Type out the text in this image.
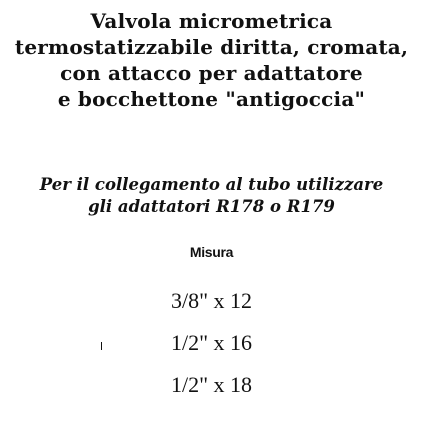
Valvola micrometrica
termostatizzabile diritta, cromata,
con attacco per adattatore
e bocchettone "antigoccia"
Per il collegamento al tubo utilizzare
gli adattatori R178 o R179
Misura
3/8" x 12
1/2" x 16
1/2" x 18
